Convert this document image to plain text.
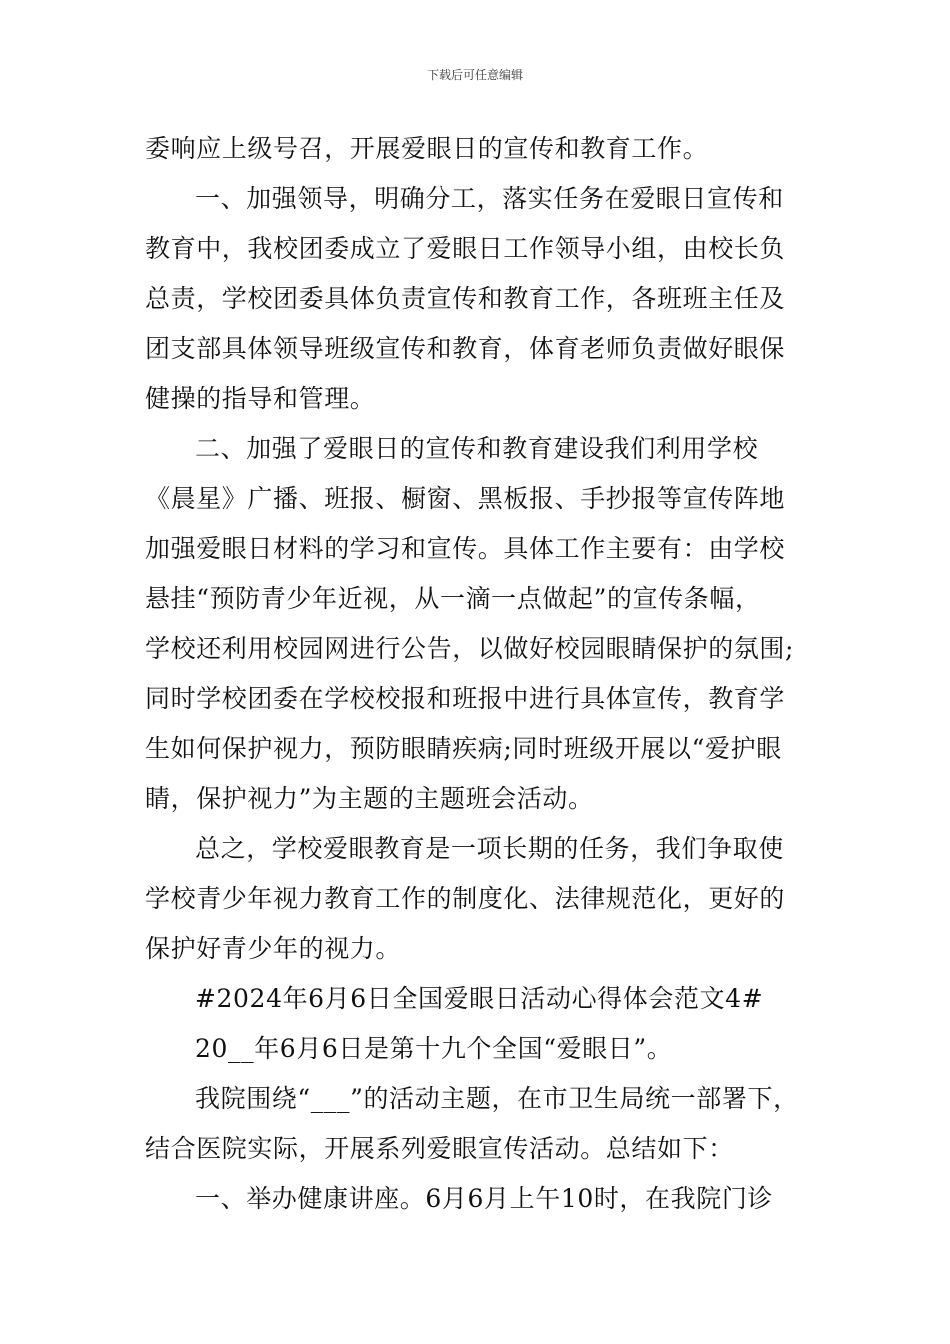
下载后可任意编辑

委响应上级号召，开展爱眼日的宣传和教育工作。

一、加强领导，明确分工，落实任务在爱眼日宣传和

教育中，我校团委成立了爱眼日工作领导小组，由校长负

总责，学校团委具体负责宣传和教育工作，各班班主任及

团支部具体领导班级宣传和教育，体育老师负责做好眼保

健操的指导和管理。

二、加强了爱眼日的宣传和教育建设我们利用学校

《晨星》广播、班报、橱窗、黑板报、手抄报等宣传阵地

加强爱眼日材料的学习和宣传。具体工作主要有：由学校

悬挂“预防青少年近视，从一滴一点做起”的宣传条幅，

学校还利用校园网进行公告，以做好校园眼睛保护的氛围;

同时学校团委在学校校报和班报中进行具体宣传，教育学

生如何保护视力，预防眼睛疾病;同时班级开展以“爱护眼

睛，保护视力”为主题的主题班会活动。

总之，学校爱眼教育是一项长期的任务，我们争取使

学校青少年视力教育工作的制度化、法律规范化，更好的

保护好青少年的视力。

#2024年6月6日全国爱眼日活动心得体会范文4#

20__年6月6日是第十九个全国“爱眼日”。

我院围绕“___”的活动主题，在市卫生局统一部署下，

结合医院实际，开展系列爱眼宣传活动。总结如下：

一、举办健康讲座。6月6月上午10时，在我院门诊
